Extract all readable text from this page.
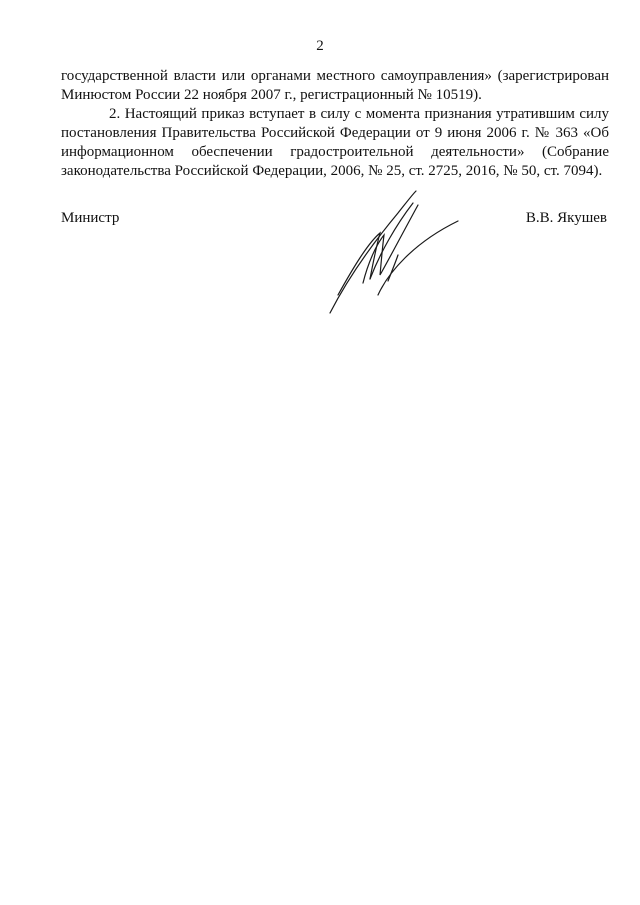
2

государственной власти или органами местного самоуправления» (зарегистрирован Минюстом России 22 ноября 2007 г., регистрационный № 10519).

2. Настоящий приказ вступает в силу с момента признания утратившим силу постановления Правительства Российской Федерации от 9 июня 2006 г. № 363 «Об информационном обеспечении градостроительной деятельности» (Собрание законодательства Российской Федерации, 2006, № 25, ст. 2725, 2016, № 50, ст. 7094).

Министр	В.В. Якушев
